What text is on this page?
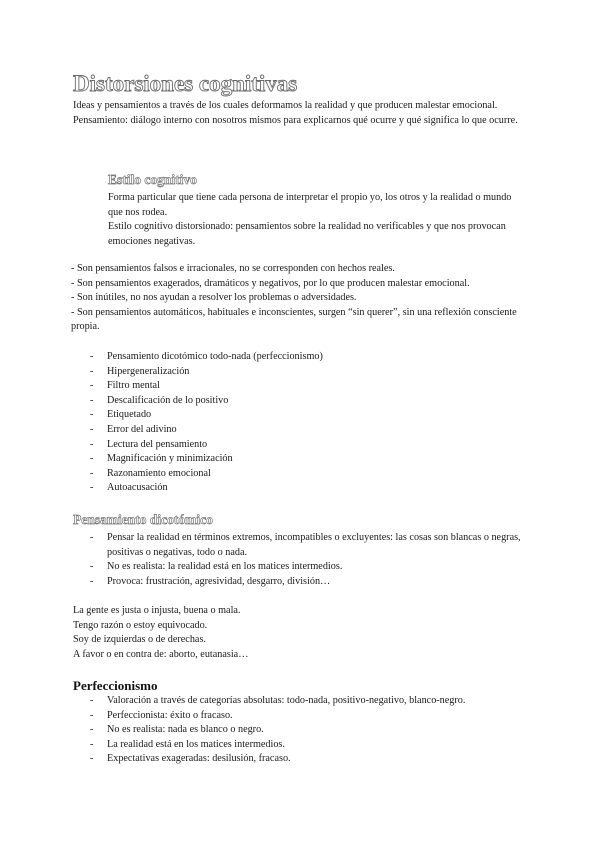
Distorsiones cognitivas

Ideas y pensamientos a través de los cuales deformamos la realidad y que producen malestar emocional.

Pensamiento: diálogo interno con nosotros mismos para explicarnos qué ocurre y qué significa lo que ocurre.

Estilo cognitivo

Forma particular que tiene cada persona de interpretar el propio yo, los otros y la realidad o mundo que nos rodea.

Estilo cognitivo distorsionado: pensamientos sobre la realidad no verificables y que nos provocan emociones negativas.

- Son pensamientos falsos e irracionales, no se corresponden con hechos reales.

- Son pensamientos exagerados, dramáticos y negativos, por lo que producen malestar emocional.

- Son inútiles, no nos ayudan a resolver los problemas o adversidades.

- Son pensamientos automáticos, habituales e inconscientes, surgen “sin querer”, sin una reflexión consciente propia.

- Pensamiento dicotómico todo-nada (perfeccionismo)
- Hipergeneralización
- Filtro mental
- Descalificación de lo positivo
- Etiquetado
- Error del adivino
- Lectura del pensamiento
- Magnificación y minimización
- Razonamiento emocional
- Autoacusación
Pensamiento dicotómico
- Pensar la realidad en términos extremos, incompatibles o excluyentes: las cosas son blancas o negras, positivas o negativas, todo o nada.
- No es realista: la realidad está en los matices intermedios.
- Provoca: frustración, agresividad, desgarro, división…

La gente es justa o injusta, buena o mala.

Tengo razón o estoy equivocado.

Soy de izquierdas o de derechas.

A favor o en contra de: aborto, eutanasia…

Perfeccionismo
- Valoración a través de categorías absolutas: todo-nada, positivo-negativo, blanco-negro.
- Perfeccionista: éxito o fracaso.
- No es realista: nada es blanco o negro.
- La realidad está en los matices intermedios.
- Expectativas exageradas: desilusión, fracaso.
